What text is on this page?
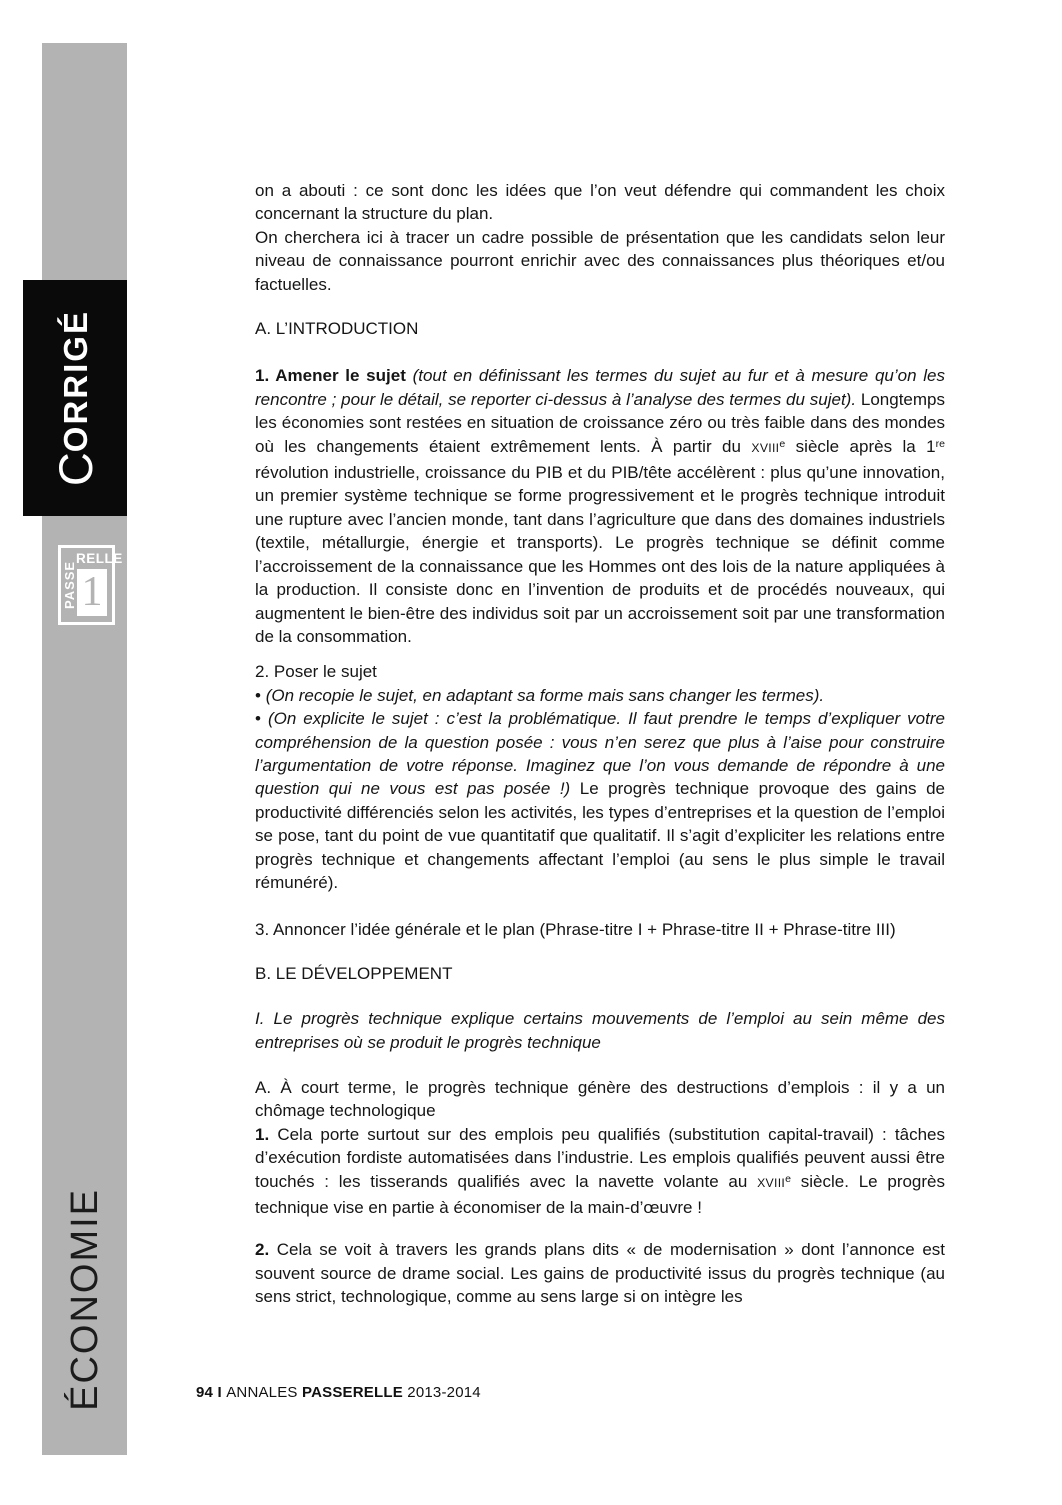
CORRIGÉ
PASSE
RELLE
1
ÉCONOMIE

on a abouti : ce sont donc les idées que l’on veut défendre qui commandent les choix concernant la structure du plan.

On cherchera ici à tracer un cadre possible de présentation que les candidats selon leur niveau de connaissance pourront enrichir avec des connaissances plus théoriques et/ou factuelles.

A. L’INTRODUCTION

1. Amener le sujet (tout en définissant les termes du sujet au fur et à mesure qu’on les rencontre ; pour le détail, se reporter ci-dessus à l’analyse des termes du sujet). Longtemps les économies sont restées en situation de croissance zéro ou très faible dans des mondes où les changements étaient extrêmement lents. À partir du XVIIIe siècle après la 1re révolution industrielle, croissance du PIB et du PIB/tête accélèrent : plus qu’une innovation, un premier système technique se forme progressivement et le progrès technique introduit une rupture avec l’ancien monde, tant dans l’agriculture que dans des domaines industriels (textile, métallurgie, énergie et transports). Le progrès technique se définit comme l’accroissement de la connaissance que les Hommes ont des lois de la nature appliquées à la production. Il consiste donc en l’invention de produits et de procédés nouveaux, qui augmentent le bien-être des individus soit par un accroissement soit par une transformation de la consommation.

2. Poser le sujet

• (On recopie le sujet, en adaptant sa forme mais sans changer les termes).

• (On explicite le sujet : c’est la problématique. Il faut prendre le temps d’expliquer votre compréhension de la question posée : vous n’en serez que plus à l’aise pour construire l’argumentation de votre réponse. Imaginez que l’on vous demande de répondre à une question qui ne vous est pas posée !) Le progrès technique provoque des gains de productivité différenciés selon les activités, les types d’entreprises et la question de l’emploi se pose, tant du point de vue quantitatif que qualitatif. Il s’agit d’expliciter les relations entre progrès technique et changements affectant l’emploi (au sens le plus simple le travail rémunéré).

3. Annoncer l’idée générale et le plan (Phrase-titre I + Phrase-titre II + Phrase-titre III)
B. LE DÉVELOPPEMENT
I. Le progrès technique explique certains mouvements de l’emploi au sein même des entreprises où se produit le progrès technique
A. À court terme, le progrès technique génère des destructions d’emplois : il y a un chômage technologique

1. Cela porte surtout sur des emplois peu qualifiés (substitution capital-travail) : tâches d’exécution fordiste automatisées dans l’industrie. Les emplois qualifiés peuvent aussi être touchés : les tisserands qualifiés avec la navette volante au XVIIIe siècle. Le progrès technique vise en partie à économiser de la main-d’œuvre !

2. Cela se voit à travers les grands plans dits « de modernisation » dont l’annonce est souvent source de drame social. Les gains de productivité issus du progrès technique (au sens strict, technologique, comme au sens large si on intègre les

94 I ANNALES PASSERELLE 2013-2014
